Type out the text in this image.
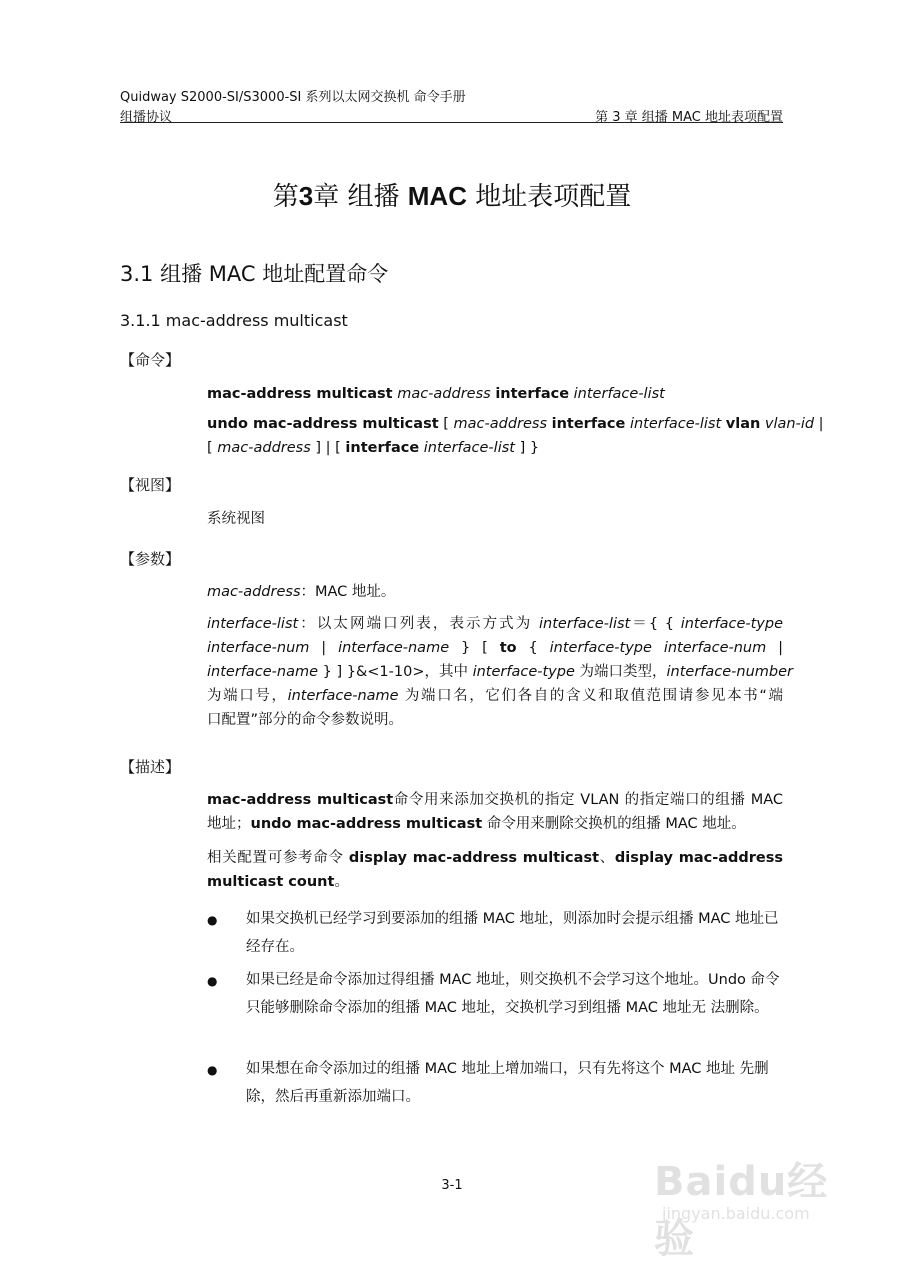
Quidway S2000-SI/S3000-SI 系列以太网交换机 命令手册
组播协议	第 3 章 组播 MAC 地址表项配置
第3章 组播 MAC 地址表项配置
3.1 组播 MAC 地址配置命令
3.1.1 mac-address multicast
【命令】
mac-address multicast mac-address interface interface-list
undo mac-address multicast [ mac-address interface interface-list vlan vlan-id |
[ mac-address ] | [ interface interface-list ] }
【视图】
系统视图
【参数】
mac-address：MAC 地址。
interface-list：以太网端口列表，表示方式为 interface-list＝{ { interface-type
interface-num | interface-name } [ to { interface-type interface-num |
interface-name } ] }&<1-10>，其中 interface-type 为端口类型，interface-number
为端口号，interface-name 为端口名，它们各自的含义和取值范围请参见本书“端
口配置”部分的命令参数说明。
【描述】
mac-address multicast命令用来添加交换机的指定 VLAN 的指定端口的组播 MAC
地址；undo mac-address multicast 命令用来删除交换机的组播 MAC 地址。
相关配置可参考命令 display mac-address multicast、display mac-address
multicast count。
● 如果交换机已经学习到要添加的组播 MAC 地址，则添加时会提示组播 MAC 地址已经存在。
● 如果已经是命令添加过得组播 MAC 地址，则交换机不会学习这个地址。Undo 命令只能够删除命令添加的组播 MAC 地址，交换机学习到组播 MAC 地址无 法删除。
● 如果想在命令添加过的组播 MAC 地址上增加端口，只有先将这个 MAC 地址 先删除，然后再重新添加端口。
3-1	Baidu经验
jingyan.baidu.com
